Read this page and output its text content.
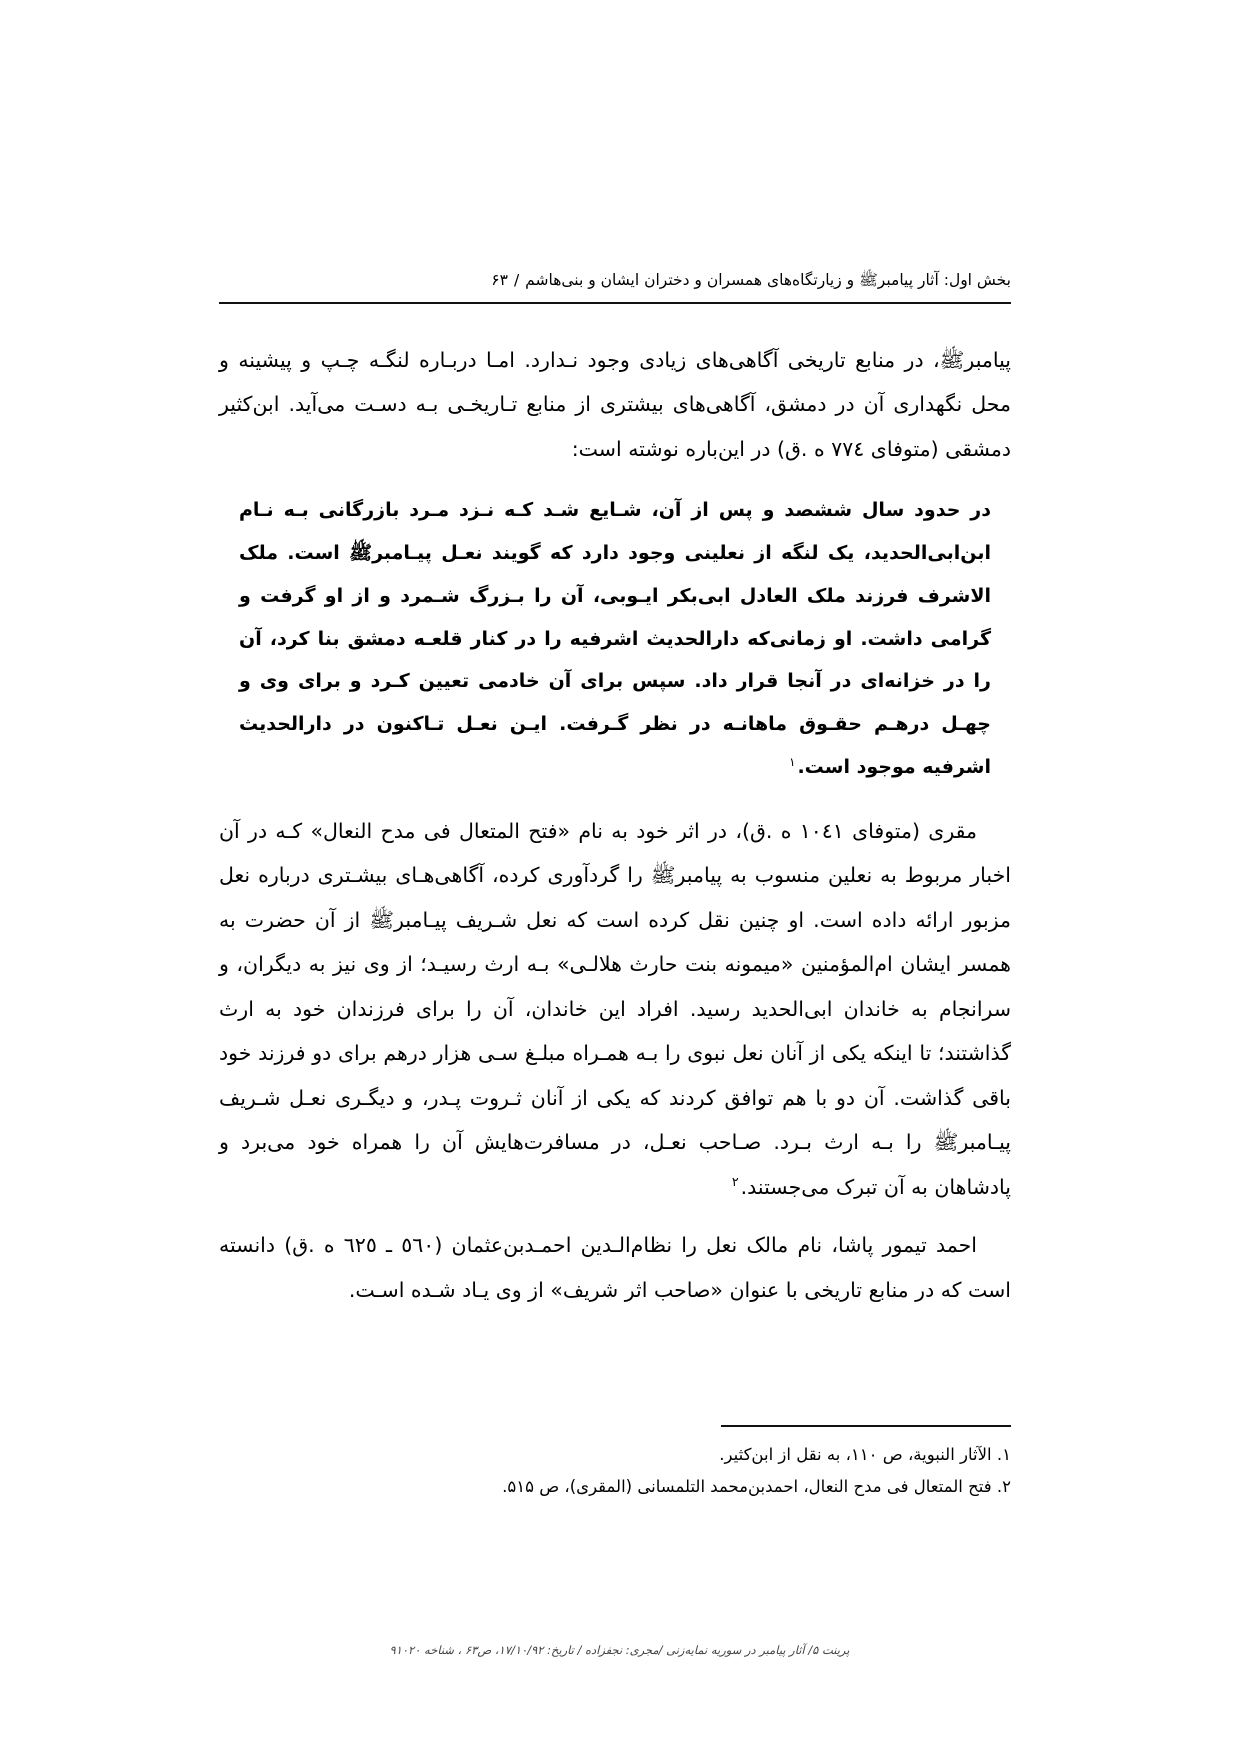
بخش اول: آثار پیامبرﷺ و زیارتگاه‌های همسران و دختران ایشان و بنی‌هاشم
/
۶۳

پیامبرﷺ، در منابع تاریخی آگاهی‌های زیادی وجود نـدارد. امـا دربـاره لنگـه چـپ و پیشینه و محل نگهداری آن در دمشق، آگاهی‌های بیشتری از منابع تـاریخـی بـه دسـت می‌آید. ابن‌کثیر دمشقی (متوفای ٧٧٤ ه .ق) در این‌باره نوشته است:

در حدود سال ششصد و پس از آن، شـایع شـد کـه نـزد مـرد بازرگانی بـه نـام ابن‌ابی‌الحدید، یک لنگه از نعلینی وجود دارد که گویند نعـل پیـامبرﷺ است. ملک الاشرف فرزند ملک العادل ابی‌بکر ایـوبی، آن را بـزرگ شـمرد و از او گرفت و گرامی داشت. او زمانی‌که دارالحدیث اشرفیه را در کنار قلعـه دمشق بنا کرد، آن را در خزانه‌ای در آنجا قرار داد. سپس برای آن خادمی تعیین کـرد و برای وی و چهـل درهـم حقـوق ماهانـه در نظر گـرفت. ایـن نعـل تـاکنون در دارالحدیث اشرفیه موجود است.$^۱$

مقری (متوفای ١٠٤١ ه .ق)، در اثر خود به نام «فتح المتعال فی مدح النعال» کـه در آن اخبار مربوط به نعلین منسوب به پیامبرﷺ را گردآوری کرده، آگاهی‌هـای بیشـتری درباره نعل مزبور ارائه داده است. او چنین نقل کرده است که نعل شـریف پیـامبرﷺ از آن حضرت به همسر ایشان ام‌المؤمنین «میمونه بنت حارث هلالـی» بـه ارث رسیـد؛ از وی نیز به دیگران، و سرانجام به خاندان ابی‌الحدید رسید. افراد این خاندان، آن را برای فرزندان خود به ارث گذاشتند؛ تا اینکه یکی از آنان نعل نبوی را بـه همـراه مبلـغ سـی هزار درهم برای دو فرزند خود باقی گذاشت. آن دو با هم توافق کردند که یکی از آنان ثـروت پـدر، و دیگـری نعـل شـریف پیـامبرﷺ را بـه ارث بـرد. صـاحب نعـل، در مسافرت‌هایش آن را همراه خود می‌برد و پادشاهان به آن تبرک می‌جستند.$^۲$

احمد تیمور پاشا، نام مالک نعل را نظام‌الـدین احمـدبن‌عثمان (٥٦٠ ـ ٦٢٥ ه .ق) دانسته است که در منابع تاریخی با عنوان «صاحب اثر شریف» از وی یـاد شـده اسـت.

۱. الآثار النبویة، ص ۱۱۰، به نقل از ابن‌کثیر.
۲. فتح المتعال فی مدح النعال، احمدبن‌محمد التلمسانی (المقری)، ص ۵۱۵.
پرینت ۵/ آثار پیامبر در سوریه نمایه‌زنی /مجری: نجفزاده / تاریخ: ۱۷/۱۰/۹۲، ص۶۳ ، شناخه ۹۱۰۲۰
